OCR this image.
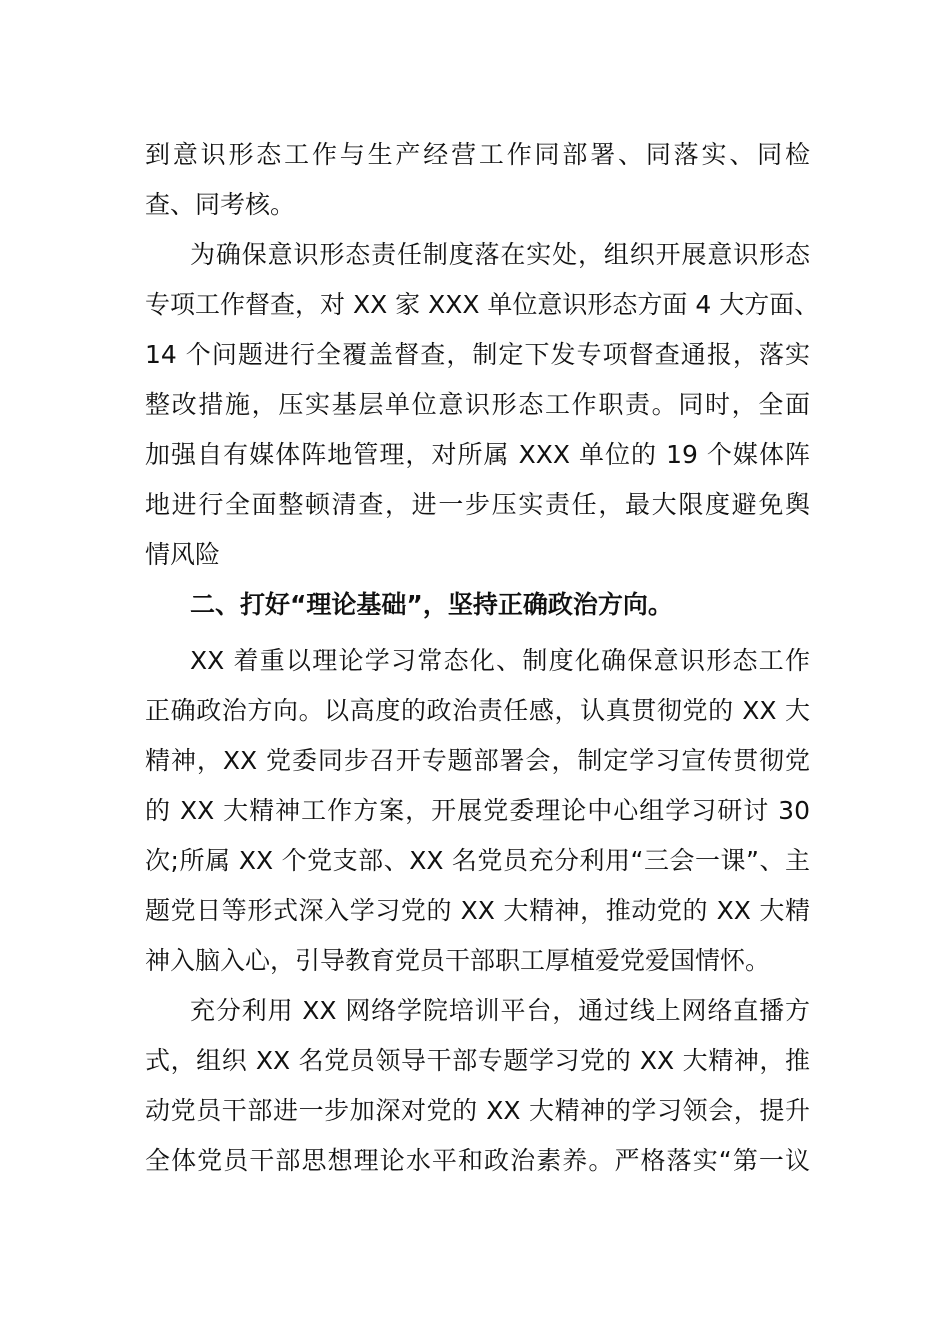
到意识形态工作与生产经营工作同部署、同落实、同检
查、同考核。
为确保意识形态责任制度落在实处，组织开展意识形态
专项工作督查，对 XX 家 XXX 单位意识形态方面 4 大方面、
14 个问题进行全覆盖督查，制定下发专项督查通报，落实
整改措施，压实基层单位意识形态工作职责。同时，全面
加强自有媒体阵地管理，对所属 XXX 单位的 19 个媒体阵
地进行全面整顿清查，进一步压实责任，最大限度避免舆
情风险
二、打好“理论基础”，坚持正确政治方向。
XX 着重以理论学习常态化、制度化确保意识形态工作
正确政治方向。以高度的政治责任感，认真贯彻党的 XX 大
精神，XX 党委同步召开专题部署会，制定学习宣传贯彻党
的 XX 大精神工作方案，开展党委理论中心组学习研讨 30
次;所属 XX 个党支部、XX 名党员充分利用“三会一课”、主
题党日等形式深入学习党的 XX 大精神，推动党的 XX 大精
神入脑入心，引导教育党员干部职工厚植爱党爱国情怀。
充分利用 XX 网络学院培训平台，通过线上网络直播方
式，组织 XX 名党员领导干部专题学习党的 XX 大精神，推
动党员干部进一步加深对党的 XX 大精神的学习领会，提升
全体党员干部思想理论水平和政治素养。严格落实“第一议
